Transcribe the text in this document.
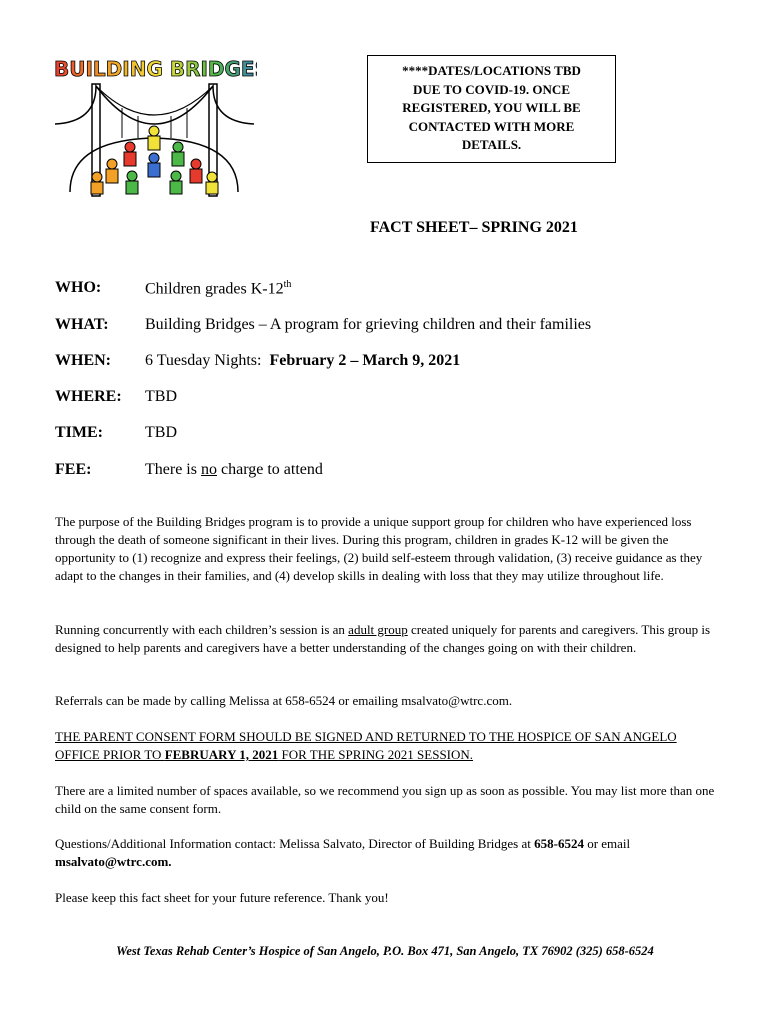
BUILDING BRIDGES	****DATES/LOCATIONS TBD
DUE TO COVID-19. ONCE
REGISTERED, YOU WILL BE
CONTACTED WITH MORE
DETAILS.
FACT SHEET– SPRING 2021
WHO:	Children grades K-12th
WHAT: Building Bridges – A program for grieving children and their families
WHEN: 6 Tuesday Nights:  February 2 – March 9, 2021
WHERE: TBD
TIME:	TBD
FEE:	There is no charge to attend
The purpose of the Building Bridges program is to provide a unique support group for children who have experienced loss through the death of someone significant in their lives. During this program, children in grades K-12 will be given the opportunity to (1) recognize and express their feelings, (2) build self-esteem through validation, (3) receive guidance as they adapt to the changes in their families, and (4) develop skills in dealing with loss that they may utilize throughout life.
Running concurrently with each children’s session is an adult group created uniquely for parents and caregivers. This group is designed to help parents and caregivers have a better understanding of the changes going on with their children.
Referrals can be made by calling Melissa at 658-6524 or emailing msalvato@wtrc.com.
THE PARENT CONSENT FORM SHOULD BE SIGNED AND RETURNED TO THE HOSPICE OF SAN ANGELO OFFICE PRIOR TO FEBRUARY 1, 2021 FOR THE SPRING 2021 SESSION.
There are a limited number of spaces available, so we recommend you sign up as soon as possible. You may list more than one child on the same consent form.
Questions/Additional Information contact: Melissa Salvato, Director of Building Bridges at 658-6524 or email msalvato@wtrc.com.
Please keep this fact sheet for your future reference. Thank you!
West Texas Rehab Center’s Hospice of San Angelo, P.O. Box 471, San Angelo, TX 76902 (325) 658-6524
